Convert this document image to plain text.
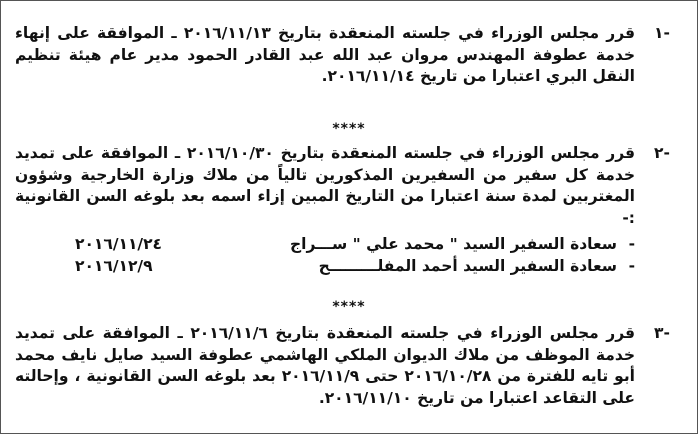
-١
قرر مجلس الوزراء في جلسته المنعقدة بتاريخ ٢٠١٦/١١/١٣ ـ الموافقة على إنهاء خدمة عطوفة المهندس مروان عبد الله عبد القادر الحمود مدير عام هيئة تنظيم النقل البري اعتبارا من تاريخ ٢٠١٦/١١/١٤.
****
-٢
قرر مجلس الوزراء في جلسته المنعقدة بتاريخ ٢٠١٦/١٠/٣٠ ـ الموافقة على تمديد خدمة كل سفير من السفيرين المذكورين تالياً من ملاك وزارة الخارجية وشؤون المغتربين لمدة سنة اعتبارا من التاريخ المبين إزاء اسمه بعد بلوغه السن القانونية :-
-
سعادة السفير السيد " محمد علي " ســـراج
٢٠١٦/١١/٢٤
-
سعادة السفير السيد أحمد المفلـــــــــح
٢٠١٦/١٢/٩
****
-٣
قرر مجلس الوزراء في جلسته المنعقدة بتاريخ ٢٠١٦/١١/٦ ـ الموافقة على تمديد خدمة الموظف من ملاك الديوان الملكي الهاشمي عطوفة السيد صايل نايف محمد أبو تايه للفترة من ٢٠١٦/١٠/٢٨ حتى ٢٠١٦/١١/٩ بعد بلوغه السن القانونية ، وإحالته على التقاعد اعتبارا من تاريخ ٢٠١٦/١١/١٠.
